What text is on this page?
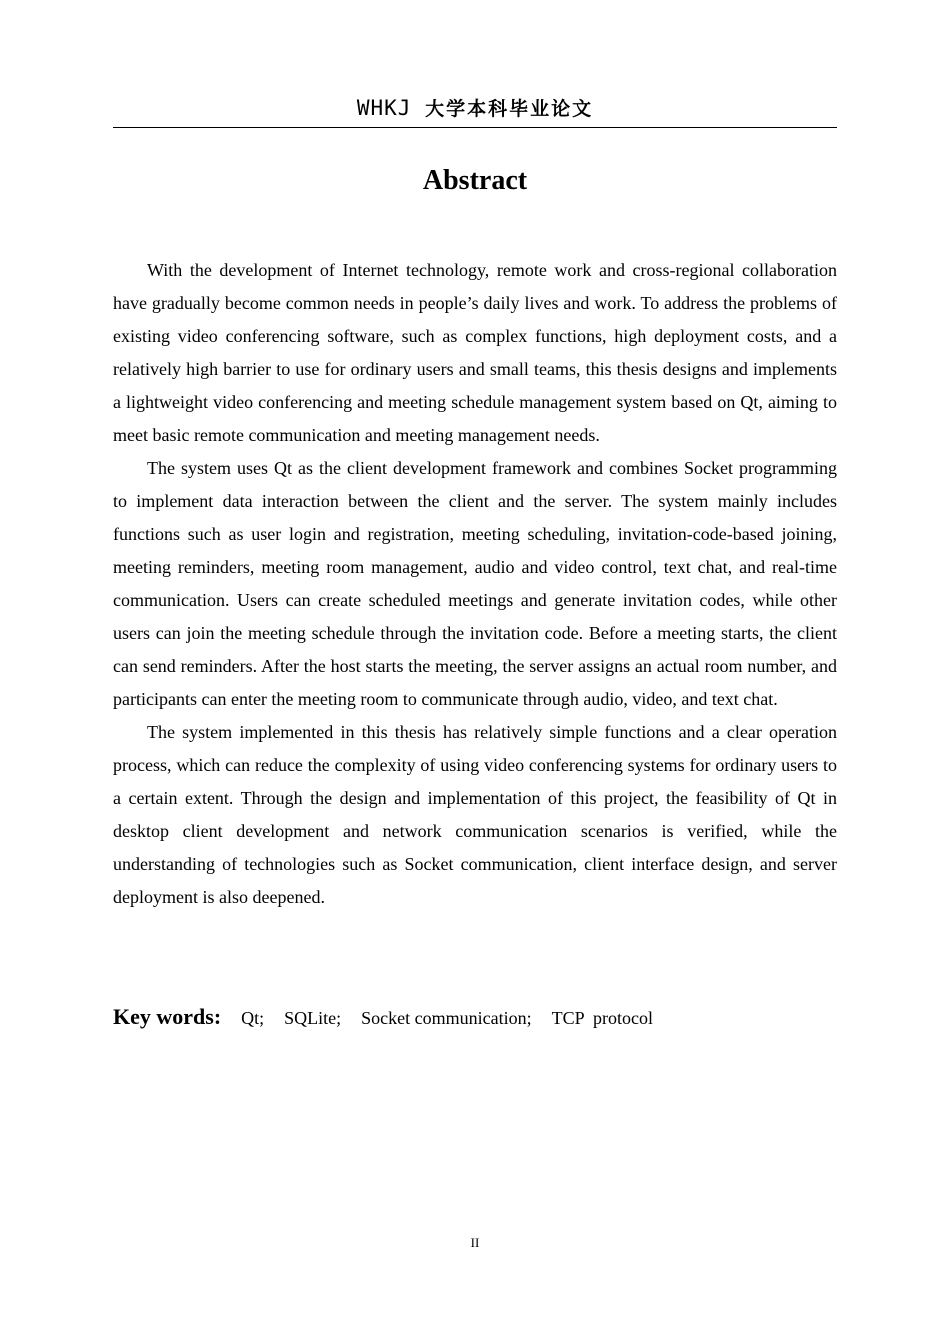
WHKJ 大学本科毕业论文
Abstract

With the development of Internet technology, remote work and cross-regional collaboration have gradually become common needs in people’s daily lives and work. To address the problems of existing video conferencing software, such as complex functions, high deployment costs, and a relatively high barrier to use for ordinary users and small teams, this thesis designs and implements a lightweight video conferencing and meeting schedule management system based on Qt, aiming to meet basic remote communication and meeting management needs.

The system uses Qt as the client development framework and combines Socket programming to implement data interaction between the client and the server. The system mainly includes functions such as user login and registration, meeting scheduling, invitation-code-based joining, meeting reminders, meeting room management, audio and video control, text chat, and real-time communication. Users can create scheduled meetings and generate invitation codes, while other users can join the meeting schedule through the invitation code. Before a meeting starts, the client can send reminders. After the host starts the meeting, the server assigns an actual room number, and participants can enter the meeting room to communicate through audio, video, and text chat.

The system implemented in this thesis has relatively simple functions and a clear operation process, which can reduce the complexity of using video conferencing systems for ordinary users to a certain extent. Through the design and implementation of this project, the feasibility of Qt in desktop client development and network communication scenarios is verified, while the understanding of technologies such as Socket communication, client interface design, and server deployment is also deepened.

Key words: Qt; SQLite; Socket communication; TCP  protocol
II
